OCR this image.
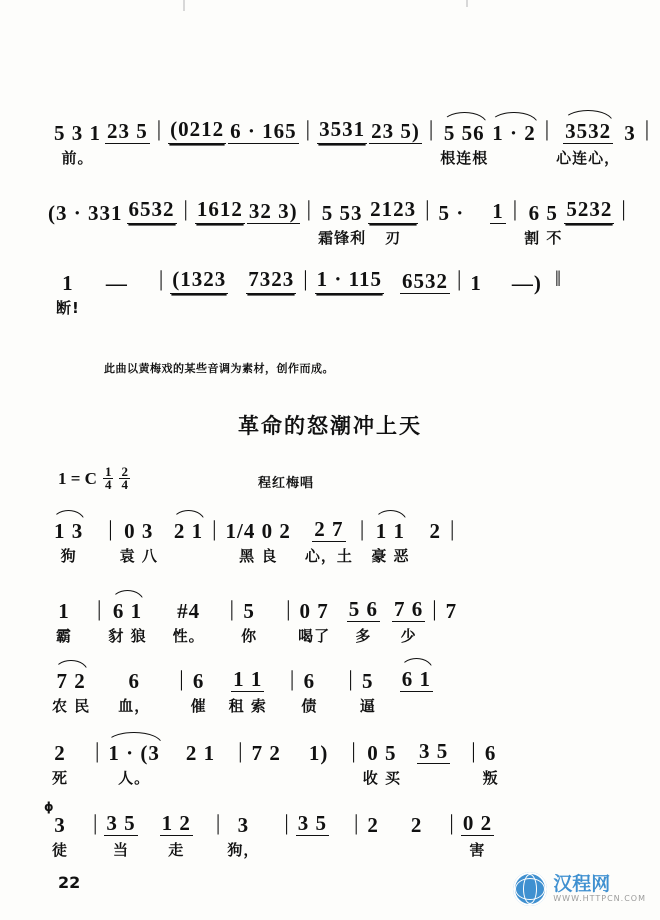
5 3 1
前。
23 5 | (0212 6 · 165 | 3531 23 5) | 5 56
根连根
1 · 2 | 3532
心连心，
3 |
(3 · 331 6532 | 1612 32 3) | 5 53
霜锋利
2123
刃
| 5 · 1 | 6 5
割 不
5232 |
1
断!
— | (1323 7323 | 1 · 115 6532 | 1 —) ‖
此曲以黄梅戏的某些音调为素材，创作而成。
革命的怒潮冲上天
1 = C $\frac{1}{4} \frac{2}{4}$	程红梅唱
1 3
狗
| 0 3
袁 八
2 1 | 1/4 0 2
黑 良
2 7
心，土
| 1 1
豪 恶
2 |
1
霸
| 6 1
豺 狼
#4
性。
| 5
你
| 0 7
喝了
5 6
多
7 6
少
| 7
7 2
农 民
6
血，
| 6
催
1 1
租 索
| 6
债
| 5
逼
6 1
2
死
| 1 · (3
人。
2 1 | 7 2 1) | 0 5
收 买
3 5 | 6
叛
3
徒
| 3 5
当
1 2
走
| 3
狗，
| 3 5 | 2 2 | 0 2
害
ɸ
22	汉程网
WWW.HTTPCN.COM
